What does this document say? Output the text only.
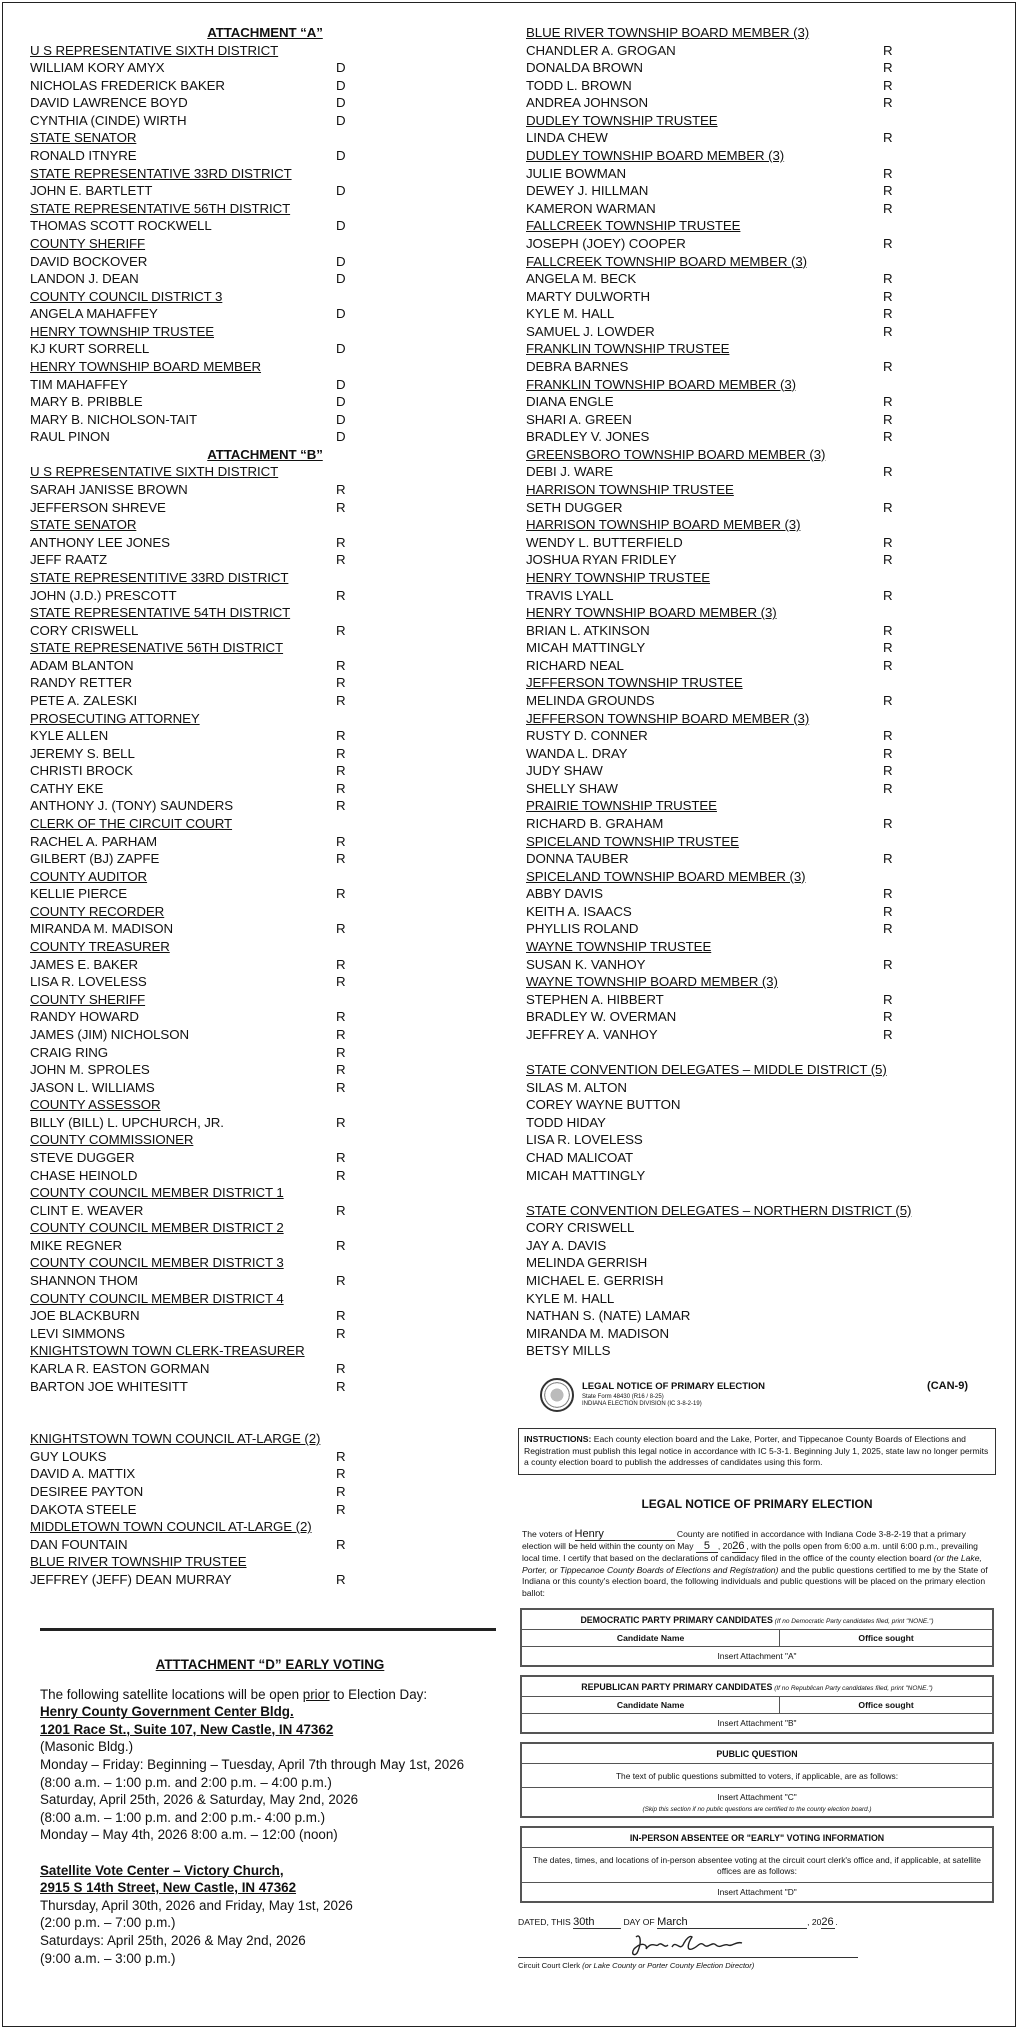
ATTACHMENT “A”
U S REPRESENTATIVE SIXTH DISTRICT
WILLIAM KORY AMYX	D
NICHOLAS FREDERICK BAKER	D
DAVID LAWRENCE BOYD	D
CYNTHIA (CINDE) WIRTH	D
STATE SENATOR
RONALD ITNYRE	D
STATE REPRESENTATIVE 33RD DISTRICT
JOHN E. BARTLETT	D
STATE REPRESENTATIVE 56TH DISTRICT
THOMAS SCOTT ROCKWELL	D
COUNTY SHERIFF
DAVID BOCKOVER	D
LANDON J. DEAN	D
COUNTY COUNCIL DISTRICT 3
ANGELA MAHAFFEY	D
HENRY TOWNSHIP TRUSTEE
KJ KURT SORRELL	D
HENRY TOWNSHIP BOARD MEMBER
TIM MAHAFFEY	D
MARY B. PRIBBLE	D
MARY B. NICHOLSON-TAIT	D
RAUL PINON	D
ATTACHMENT “B”
U S REPRESENTATIVE SIXTH DISTRICT
SARAH JANISSE BROWN	R
JEFFERSON SHREVE	R
STATE SENATOR
ANTHONY LEE JONES	R
JEFF RAATZ	R
STATE REPRESENTITIVE 33RD DISTRICT
JOHN (J.D.) PRESCOTT	R
STATE REPRESENTATIVE 54TH DISTRICT
CORY CRISWELL	R
STATE REPRESENATIVE 56TH DISTRICT
ADAM BLANTON	R
RANDY RETTER	R
PETE A. ZALESKI	R
PROSECUTING ATTORNEY
KYLE ALLEN	R
JEREMY S. BELL	R
CHRISTI BROCK	R
CATHY EKE	R
ANTHONY J. (TONY) SAUNDERS	R
CLERK OF THE CIRCUIT COURT
RACHEL A. PARHAM	R
GILBERT (BJ) ZAPFE	R
COUNTY AUDITOR
KELLIE PIERCE	R
COUNTY RECORDER
MIRANDA M. MADISON	R
COUNTY TREASURER
JAMES E. BAKER	R
LISA R. LOVELESS	R
COUNTY SHERIFF
RANDY HOWARD	R
JAMES (JIM) NICHOLSON	R
CRAIG RING	R
JOHN M. SPROLES	R
JASON L. WILLIAMS	R
COUNTY ASSESSOR
BILLY (BILL) L. UPCHURCH, JR.	R
COUNTY COMMISSIONER
STEVE DUGGER	R
CHASE HEINOLD	R
COUNTY COUNCIL MEMBER DISTRICT 1
CLINT E. WEAVER	R
COUNTY COUNCIL MEMBER DISTRICT 2
MIKE REGNER	R
COUNTY COUNCIL MEMBER DISTRICT 3
SHANNON THOM	R
COUNTY COUNCIL MEMBER DISTRICT 4
JOE BLACKBURN	R
LEVI SIMMONS	R
KNIGHTSTOWN TOWN CLERK-TREASURER
KARLA R. EASTON GORMAN	R
BARTON JOE WHITESITT	R
KNIGHTSTOWN TOWN COUNCIL AT-LARGE (2)
GUY LOUKS	R
DAVID A. MATTIX	R
DESIREE PAYTON	R
DAKOTA STEELE	R
MIDDLETOWN TOWN COUNCIL AT-LARGE (2)
DAN FOUNTAIN	R
BLUE RIVER TOWNSHIP TRUSTEE
JEFFREY (JEFF) DEAN MURRAY	R
BLUE RIVER TOWNSHIP BOARD MEMBER (3)
CHANDLER A. GROGAN	R
DONALDA BROWN	R
TODD L. BROWN	R
ANDREA JOHNSON	R
DUDLEY TOWNSHIP TRUSTEE
LINDA CHEW	R
DUDLEY TOWNSHIP BOARD MEMBER (3)
JULIE BOWMAN	R
DEWEY J. HILLMAN	R
KAMERON WARMAN	R
FALLCREEK TOWNSHIP TRUSTEE
JOSEPH (JOEY) COOPER	R
FALLCREEK TOWNSHIP BOARD MEMBER (3)
ANGELA M. BECK	R
MARTY DULWORTH	R
KYLE M. HALL	R
SAMUEL J. LOWDER	R
FRANKLIN TOWNSHIP TRUSTEE
DEBRA BARNES	R
FRANKLIN TOWNSHIP BOARD MEMBER (3)
DIANA ENGLE	R
SHARI A. GREEN	R
BRADLEY V. JONES	R
GREENSBORO TOWNSHIP BOARD MEMBER (3)
DEBI J. WARE	R
HARRISON TOWNSHIP TRUSTEE
SETH DUGGER	R
HARRISON TOWNSHIP BOARD MEMBER (3)
WENDY L. BUTTERFIELD	R
JOSHUA RYAN FRIDLEY	R
HENRY TOWNSHIP TRUSTEE
TRAVIS LYALL	R
HENRY TOWNSHIP BOARD MEMBER (3)
BRIAN L. ATKINSON	R
MICAH MATTINGLY	R
RICHARD NEAL	R
JEFFERSON TOWNSHIP TRUSTEE
MELINDA GROUNDS	R
JEFFERSON TOWNSHIP BOARD MEMBER (3)
RUSTY D. CONNER	R
WANDA L. DRAY	R
JUDY SHAW	R
SHELLY SHAW	R
PRAIRIE TOWNSHIP TRUSTEE
RICHARD B. GRAHAM	R
SPICELAND TOWNSHIP TRUSTEE
DONNA TAUBER	R
SPICELAND TOWNSHIP BOARD MEMBER (3)
ABBY DAVIS	R
KEITH A. ISAACS	R
PHYLLIS ROLAND	R
WAYNE TOWNSHIP TRUSTEE
SUSAN K. VANHOY	R
WAYNE TOWNSHIP BOARD MEMBER (3)
STEPHEN A. HIBBERT	R
BRADLEY W. OVERMAN	R
JEFFREY A. VANHOY	R
STATE CONVENTION DELEGATES – MIDDLE DISTRICT (5)
SILAS M. ALTON
COREY WAYNE BUTTON
TODD HIDAY
LISA R. LOVELESS
CHAD MALICOAT
MICAH MATTINGLY
STATE CONVENTION DELEGATES – NORTHERN DISTRICT (5)
CORY CRISWELL
JAY A. DAVIS
MELINDA GERRISH
MICHAEL E. GERRISH
KYLE M. HALL
NATHAN S. (NATE) LAMAR
MIRANDA M. MADISON
BETSY MILLS
ATTTACHMENT “D” EARLY VOTING
The following satellite locations will be open prior to Election Day:
Henry County Government Center Bldg.
1201 Race St., Suite 107, New Castle, IN 47362
(Masonic Bldg.)
Monday – Friday: Beginning – Tuesday, April 7th through May 1st, 2026
(8:00 a.m. – 1:00 p.m. and 2:00 p.m. – 4:00 p.m.)
Saturday, April 25th, 2026 & Saturday, May 2nd, 2026
(8:00 a.m. – 1:00 p.m. and 2:00 p.m.- 4:00 p.m.)
Monday – May 4th, 2026 8:00 a.m. – 12:00 (noon)
Satellite Vote Center – Victory Church,
2915 S 14th Street, New Castle, IN 47362
Thursday, April 30th, 2026 and Friday, May 1st, 2026
(2:00 p.m. – 7:00 p.m.)
Saturdays: April 25th, 2026 & May 2nd, 2026
(9:00 a.m. – 3:00 p.m.)
LEGAL NOTICE OF PRIMARY ELECTION
State Form 48430 (R16 / 8-25)
INDIANA ELECTION DIVISION (IC 3-8-2-19)
(CAN-9)
INSTRUCTIONS: Each county election board and the Lake, Porter, and Tippecanoe County Boards of Elections and Registration must publish this legal notice in accordance with IC 5-3-1. Beginning July 1, 2025, state law no longer permits a county election board to publish the addresses of candidates using this form.
LEGAL NOTICE OF PRIMARY ELECTION
The voters of Henry	County are notified in accordance with Indiana Code 3-8-2-19 that a primary election will be held within the county on May 5 , 2026 , with the polls open from 6:00 a.m. until 6:00 p.m., prevailing local time. I certify that based on the declarations of candidacy filed in the office of the county election board (or the Lake, Porter, or Tippecanoe County Boards of Elections and Registration) and the public questions certified to me by the State of Indiana or this county's election board, the following individuals and public questions will be placed on the primary election ballot:
DEMOCRATIC PARTY PRIMARY CANDIDATES (If no Democratic Party candidates filed, print "NONE.")
Candidate Name	Office sought
Insert Attachment "A"
REPUBLICAN PARTY PRIMARY CANDIDATES (If no Republican Party candidates filed, print "NONE.")
Candidate Name	Office sought
Insert Attachment "B"
PUBLIC QUESTION
The text of public questions submitted to voters, if applicable, are as follows:
Insert Attachment "C"
(Skip this section if no public questions are certified to the county election board.)
IN-PERSON ABSENTEE OR "EARLY" VOTING INFORMATION
The dates, times, and locations of in-person absentee voting at the circuit court clerk's office and, if applicable, at satellite offices are as follows:
Insert Attachment "D"
DATED, THIS 30th	DAY OF March	, 2026 .
Circuit Court Clerk (or Lake County or Porter County Election Director)
